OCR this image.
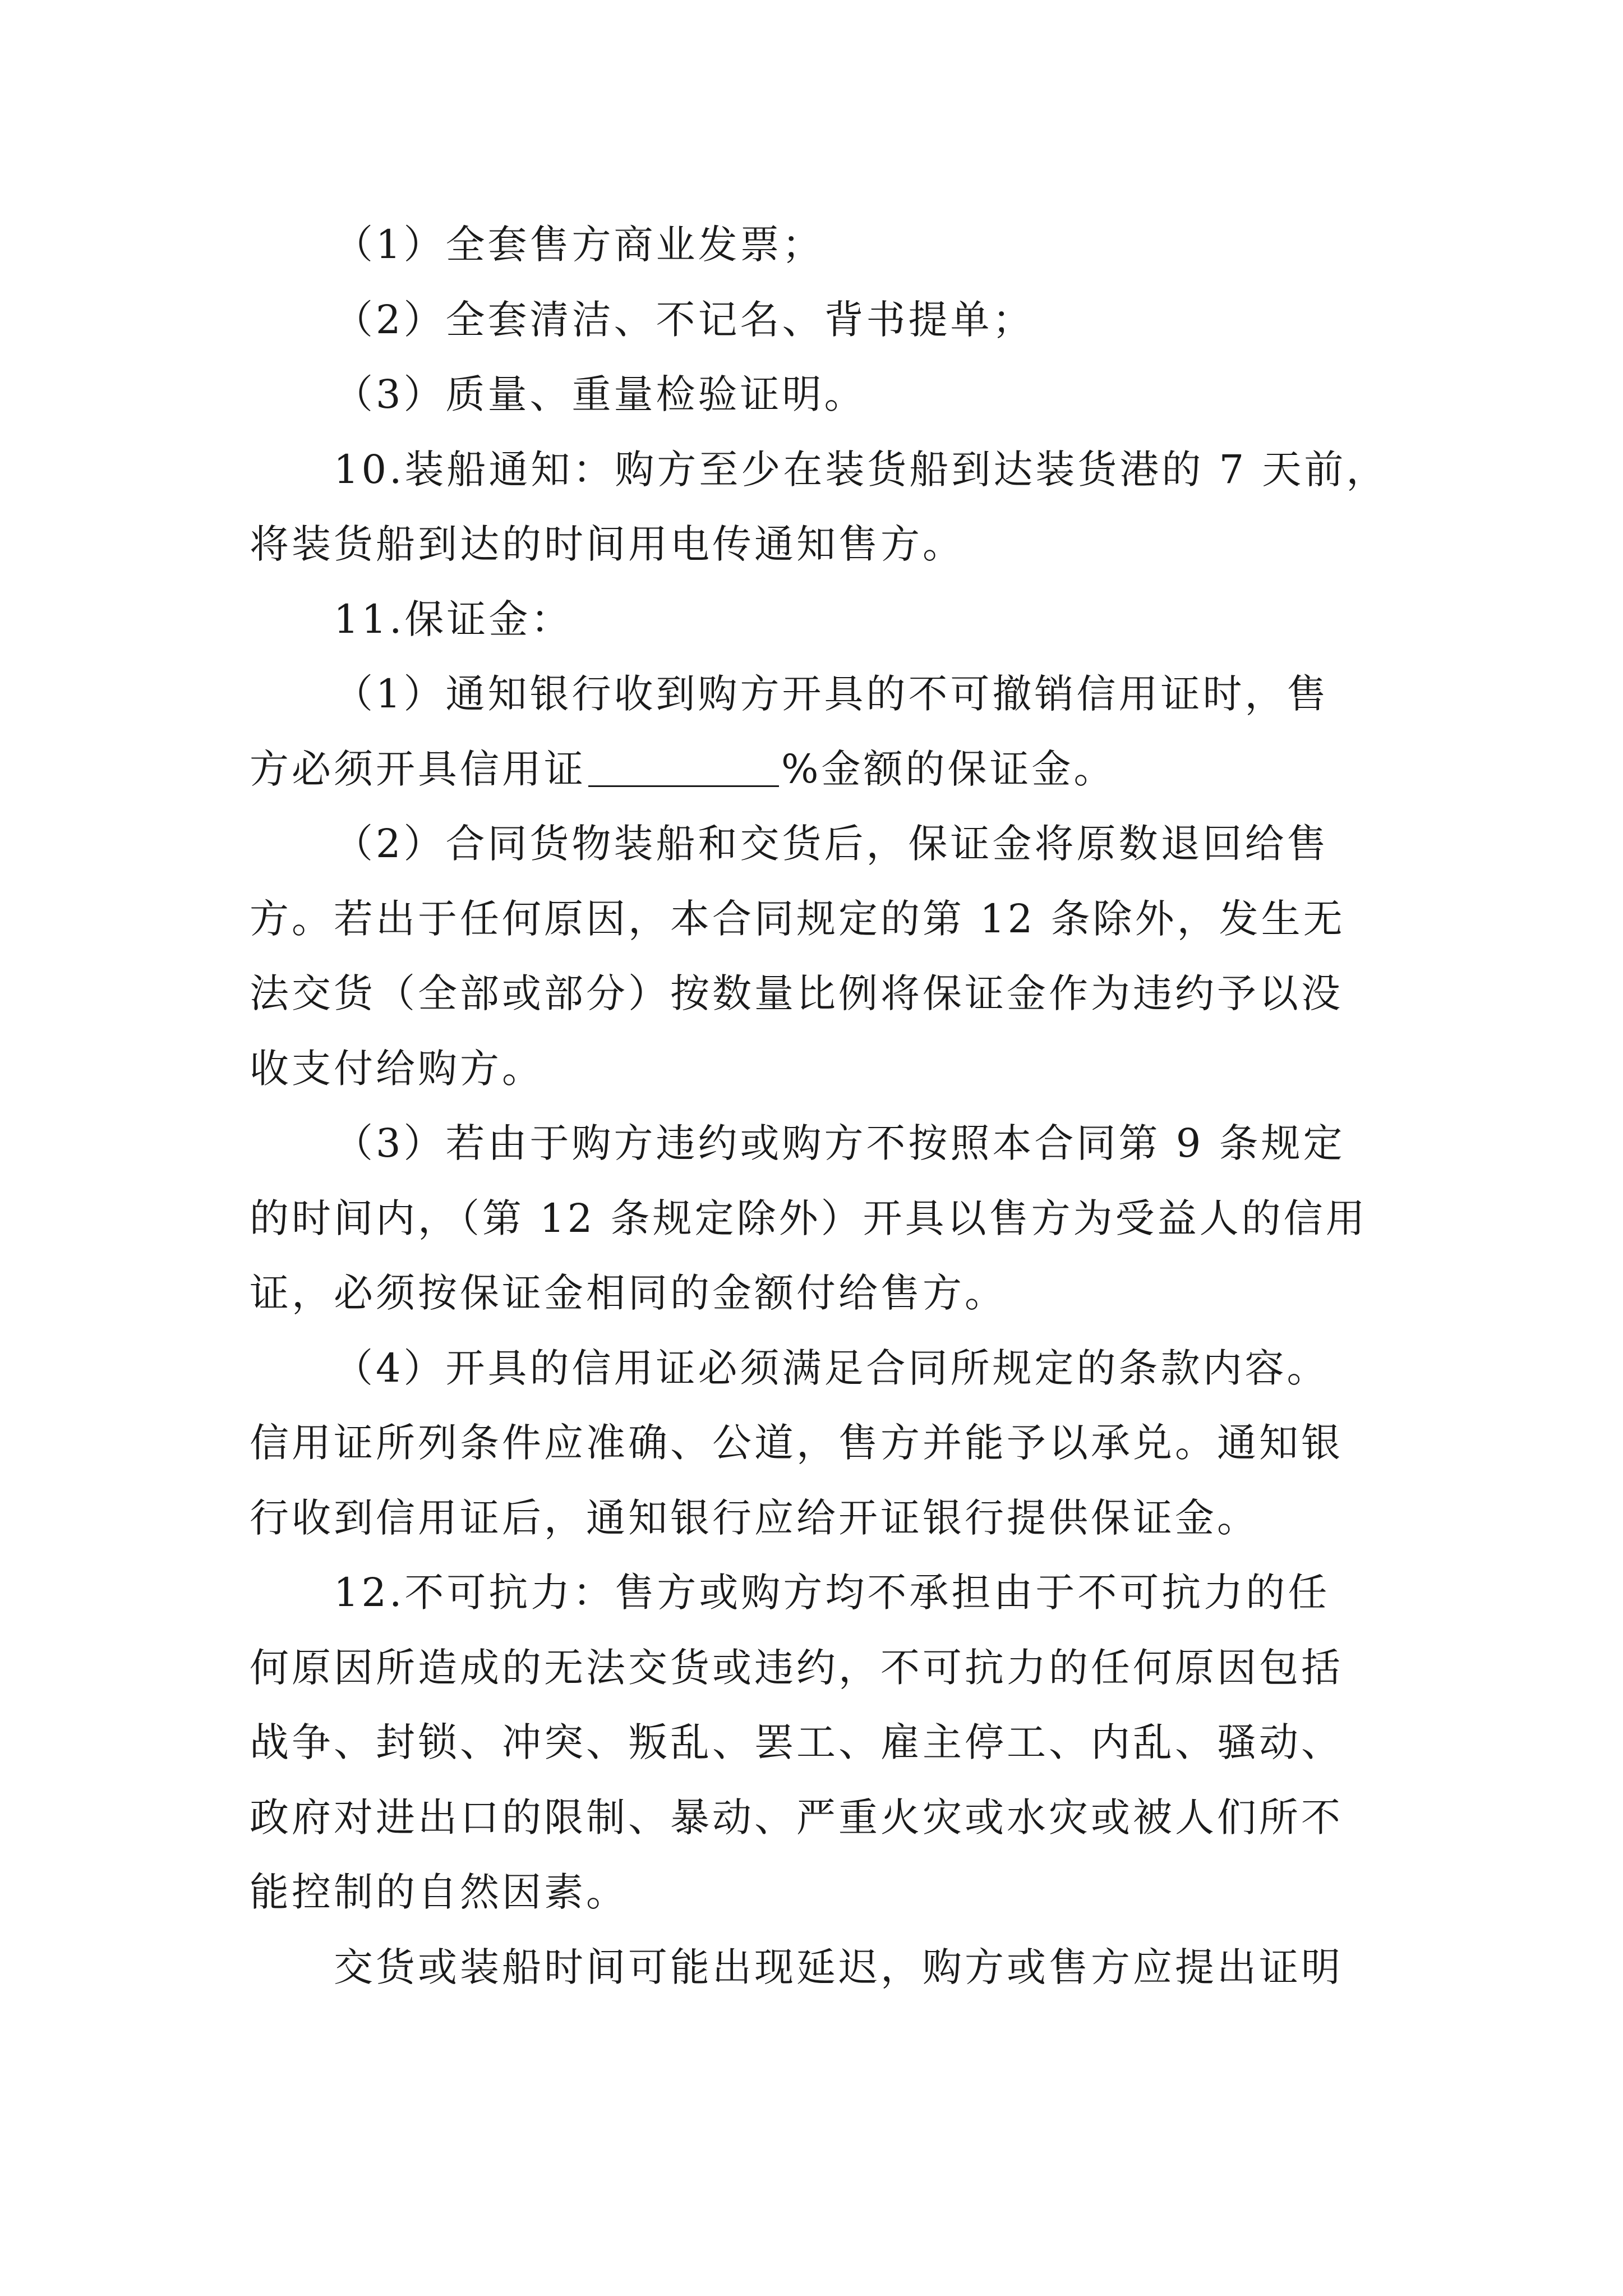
（1）全套售方商业发票；
（2）全套清洁、不记名、背书提单；
（3）质量、重量检验证明。
10.装船通知：购方至少在装货船到达装货港的 7 天前，
将装货船到达的时间用电传通知售方。
11.保证金：
（1）通知银行收到购方开具的不可撤销信用证时，售
方必须开具信用证	%金额的保证金。
（2）合同货物装船和交货后，保证金将原数退回给售
方。若出于任何原因，本合同规定的第 12 条除外，发生无
法交货（全部或部分）按数量比例将保证金作为违约予以没
收支付给购方。
（3）若由于购方违约或购方不按照本合同第 9 条规定
的时间内，（第 12 条规定除外）开具以售方为受益人的信用
证，必须按保证金相同的金额付给售方。
（4）开具的信用证必须满足合同所规定的条款内容。
信用证所列条件应准确、公道，售方并能予以承兑。通知银
行收到信用证后，通知银行应给开证银行提供保证金。
12.不可抗力：售方或购方均不承担由于不可抗力的任
何原因所造成的无法交货或违约，不可抗力的任何原因包括
战争、封锁、冲突、叛乱、罢工、雇主停工、内乱、骚动、
政府对进出口的限制、暴动、严重火灾或水灾或被人们所不
能控制的自然因素。
交货或装船时间可能出现延迟，购方或售方应提出证明
